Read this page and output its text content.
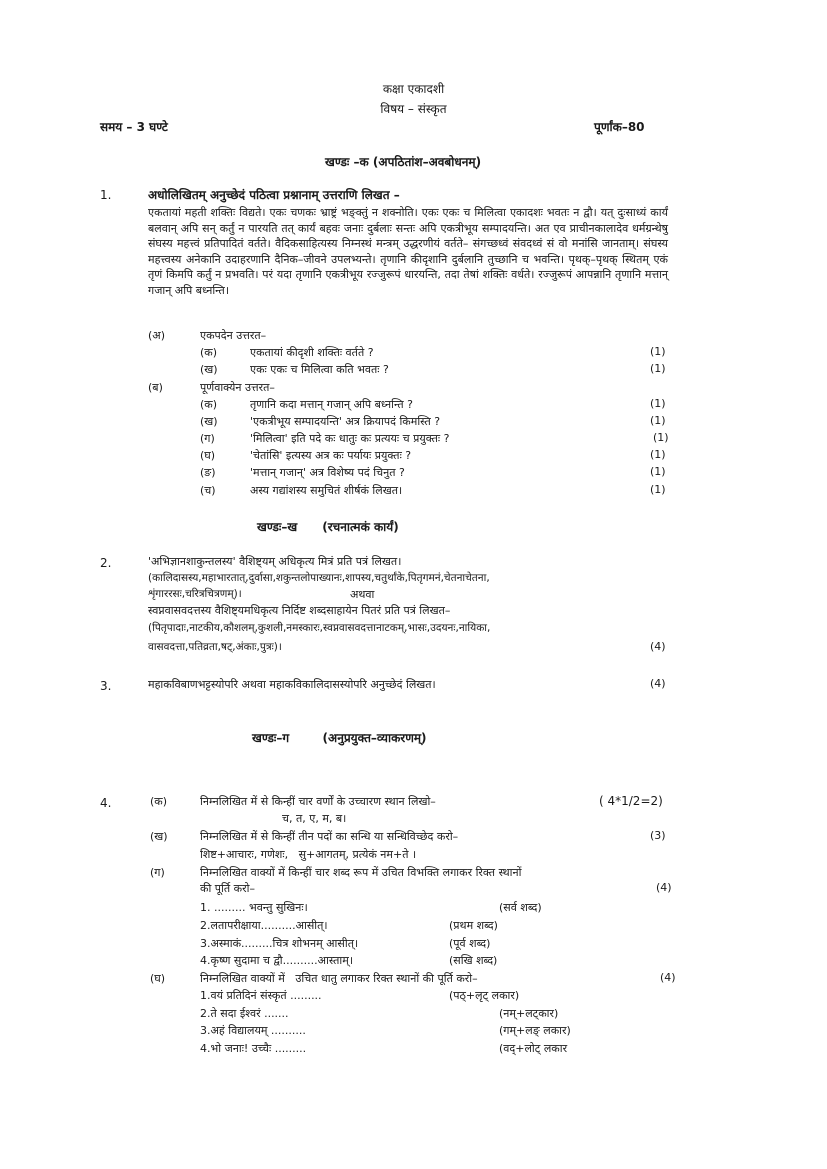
कक्षा एकादशी
विषय – संस्कृत
समय – 3 घण्टे	पूर्णांक–80
खण्डः –क (अपठितांश–अवबोधनम्)
1.	अधोलिखितम् अनुच्छेदं पठित्वा प्रश्नानाम् उत्तराणि लिखत –
एकतायां महती शक्तिः विद्यते। एकः चणकः भ्राष्ट्रं भङ्क्तुं न शक्नोति। एकः एकः च मिलित्वा एकादशः भवतः न द्वौ। यत् दुःसाध्यं कार्यं बलवान् अपि सन् कर्तुं न पारयति तत् कार्यं बहवः जनाः दुर्बलाः सन्तः अपि एकत्रीभूय सम्पादयन्ति। अत एव प्राचीनकालादेव धर्मग्रन्थेषु संघस्य महत्त्वं प्रतिपादितं वर्तते। वैदिकसाहित्यस्य निम्नस्थं मन्त्रम् उद्धरणीयं वर्तते– संगच्छध्वं संवदध्वं सं वो मनांसि जानताम्। संघस्य महत्त्वस्य अनेकानि उदाहरणानि दैनिक–जीवने उपलभ्यन्ते। तृणानि कीदृशानि दुर्बलानि तुच्छानि च भवन्ति। पृथक्–पृथक् स्थितम् एकं तृणं किमपि कर्तुं न प्रभवति। परं यदा तृणानि एकत्रीभूय रज्जुरूपं धारयन्ति, तदा तेषां शक्तिः वर्धते। रज्जुरूपं आपन्नानि तृणानि मत्तान् गजान् अपि बध्नन्ति।
(अ)	एकपदेन उत्तरत–
(क)	एकतायां कीदृशी शक्तिः वर्तते ?	(1)
(ख)	एकः एकः च मिलित्वा कति भवतः ?	(1)
(ब)	पूर्णवाक्येन उत्तरत–
(क)	तृणानि कदा मत्तान् गजान् अपि बध्नन्ति ?	(1)
(ख)	'एकत्रीभूय सम्पादयन्ति' अत्र क्रियापदं किमस्ति ?	(1)
(ग)	'मिलित्वा' इति पदे कः धातुः कः प्रत्ययः च प्रयुक्तः ?	(1)
(घ)	'चेतांसि' इत्यस्य अत्र कः पर्यायः प्रयुक्तः ?	(1)
(ङ)	'मत्तान् गजान्' अत्र विशेष्य पदं चिनुत ?	(1)
(च)	अस्य गद्यांशस्य समुचितं शीर्षकं लिखत।	(1)
खण्डः–ख      (रचनात्मकं कार्यं)
2.	'अभिज्ञानशाकुन्तलस्य' वैशिष्ट्यम् अधिकृत्य मित्रं प्रति पत्रं लिखत।
(कालिदासस्य,महाभारतात्,दुर्वासा,शकुन्तलोपाख्यानः,शापस्य,चतुर्थांके,पितृगमनं,चेतनाचेतना,
शृंगाररसः,चरित्रचित्रणम्)।	अथवा
स्वप्नवासवदत्तस्य वैशिष्ट्यमधिकृत्य निर्दिष्ट शब्दसाहायेन पितरं प्रति पत्रं लिखत–
(पितृपादाः,नाटकीय,कौशलम्,कुशली,नमस्कारः,स्वप्नवासवदत्तानाटकम्,भासः,उदयनः,नायिका,
वासवदत्ता,पतिव्रता,षट्,अंकाः,पुत्रः)।	(4)
3.	महाकविबाणभट्टस्योपरि अथवा महाकविकालिदासस्योपरि अनुच्छेदं लिखत।	(4)
खण्डः–ग        (अनुप्रयुक्त–व्याकरणम्)
4.	(क)	निम्नलिखित में से किन्हीं चार वर्णों के उच्चारण स्थान लिखो–	( 4*1/2=2)
च, त, ए, म, ब।
(ख)	निम्नलिखित में से किन्हीं तीन पदों का सन्धि या सन्धिविच्छेद करो–	(3)
शिष्ट+आचारः, गणेशः,   सु+आगतम्, प्रत्येकं नम+ते ।
(ग)	निम्नलिखित वाक्यों में किन्हीं चार शब्द रूप में उचित विभक्ति लगाकर रिक्त स्थानों
की पूर्ति करो–	(4)
1. ......... भवन्तु सुखिनः।	(सर्व शब्द)
2.लतापरीक्षाया..........आसीत्।	(प्रथम शब्द)
3.अस्माकं.........चित्र शोभनम् आसीत्।	(पूर्व शब्द)
4.कृष्ण सुदामा च द्वौ..........आस्ताम्।	(सखि शब्द)
(घ)	निम्नलिखित वाक्यों में   उचित धातु लगाकर रिक्त स्थानों की पूर्ति करो–	(4)
1.वयं प्रतिदिनं संस्कृतं .........	(पठ्+लृट् लकार)
2.ते सदा ईश्वरं .......	(नम्+लट्कार)
3.अहं विद्यालयम् ..........	(गम्+लङ् लकार)
4.भो जनाः! उच्चैः .........	(वद्+लोट् लकार
